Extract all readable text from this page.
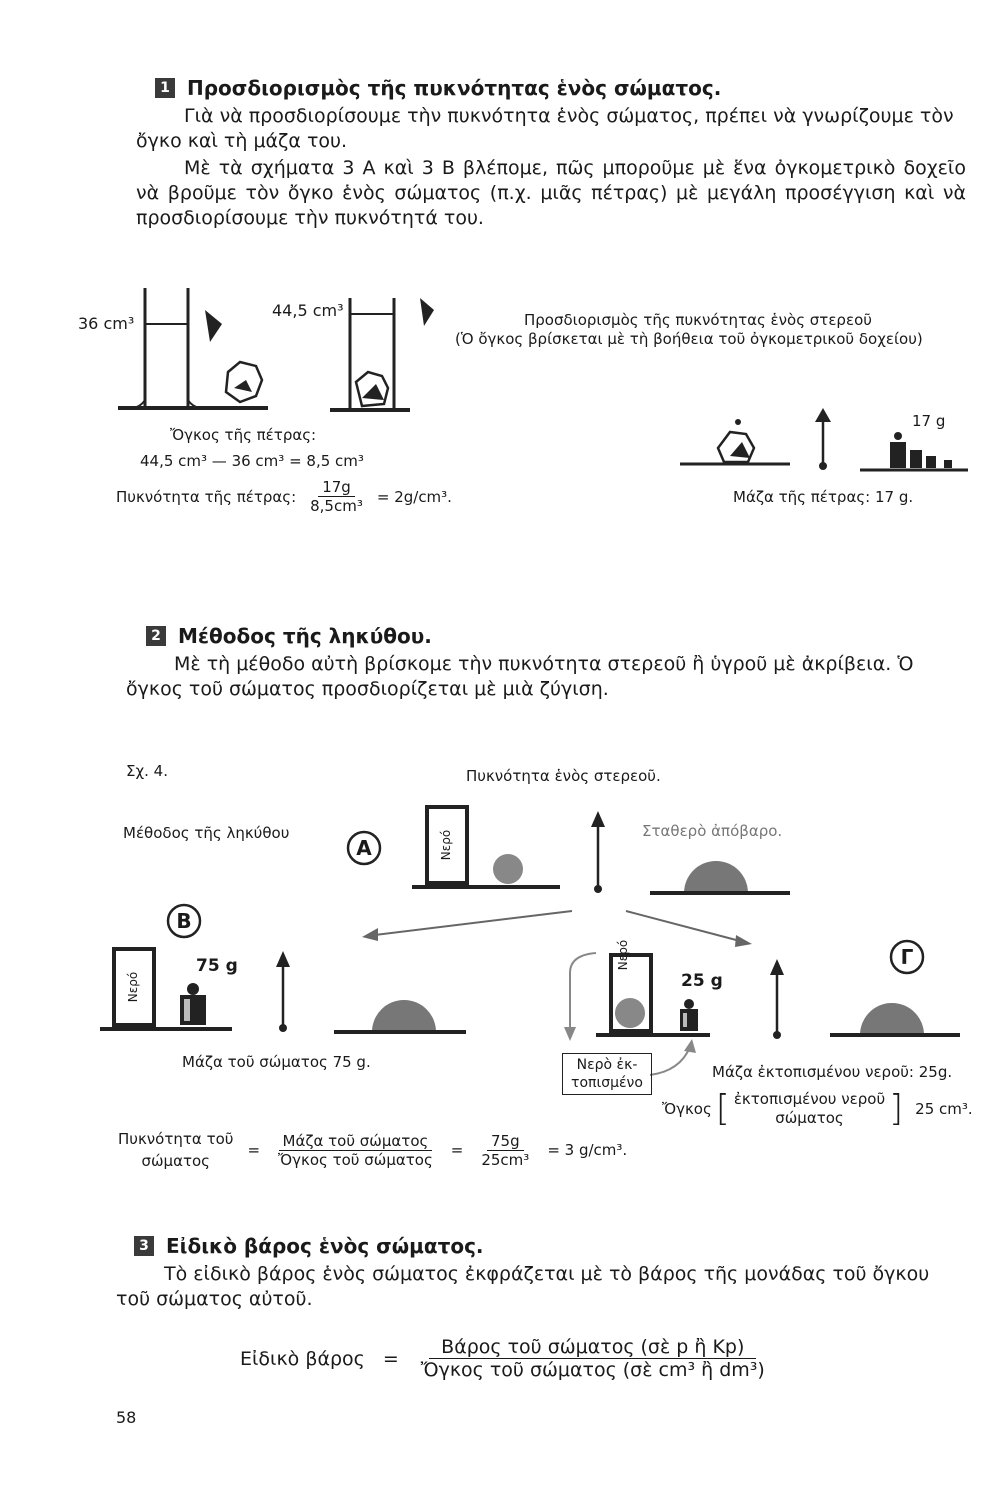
1 Προσδιορισμὸς τῆς πυκνότητας ἑνὸς σώματος.
Γιὰ νὰ προσδιορίσουμε τὴν πυκνότητα ἑνὸς σώματος, πρέπει νὰ γνωρίζουμε τὸν ὄγκο καὶ τὴ μάζα του.
Μὲ τὰ σχήματα 3 Α καὶ 3 Β βλέπομε, πῶς μποροῦμε μὲ ἕνα ὀγκομετρικὸ δοχεῖο νὰ βροῦμε τὸν ὄγκο ἑνὸς σώματος (π.χ. μιᾶς πέτρας) μὲ μεγάλη προσέγγιση καὶ νὰ προσδιορίσουμε τὴν πυκνότητά του.
36 cm³
44,5 cm³	Προσδιορισμὸς τῆς πυκνότητας ἑνὸς στερεοῦ
(Ὁ ὄγκος βρίσκεται μὲ τὴ βοήθεια τοῦ ὀγκομετρικοῦ δοχείου)
17 g
Ὄγκος τῆς πέτρας:
44,5 cm³ — 36 cm³ = 8,5 cm³
Πυκνότητα τῆς πέτρας: $\frac{17g}{\text{8,5cm³}} = 2g/cm^3$.	Μάζα τῆς πέτρας: 17 g.
2 Μέθοδος τῆς ληκύθου.
Μὲ τὴ μέθοδο αὐτὴ βρίσκομε τὴν πυκνότητα στερεοῦ ἢ ὑγροῦ μὲ ἀκρίβεια. Ὁ ὄγκος τοῦ σώματος προσδιορίζεται μὲ μιὰ ζύγιση.
Σχ. 4.	Πυκνότητα ἑνὸς στερεοῦ.
Μέθοδος τῆς ληκύθου	Σταθερὸ ἀπόβαρο.
Α	Νερό
Β
Νερό
Γ
Νερό
75 g
25 g
Νερὸ ἐκ-τοπισμένο
Μάζα τοῦ σώματος 75 g.
Μάζα ἐκτοπισμένου νεροῦ: 25g.
Ὄγκος [ ἐκτοπισμένου νεροῦ
σώματος ] 25 cm³.
Πυκνότητα τοῦ
σώματος
= $\frac{\text{Μάζα τοῦ σώματος}}{\text{Ὄγκος τοῦ σώματος}} = \frac{75g}{\text{25cm³}} = 3$ g/cm³.
3 Εἰδικὸ βάρος ἑνὸς σώματος.
Τὸ εἰδικὸ βάρος ἑνὸς σώματος ἐκφράζεται μὲ τὸ βάρος τῆς μονάδας τοῦ ὄγκου τοῦ σώματος αὐτοῦ.
Εἰδικὸ $\beta ά\rho o\varsigma = \frac{\text{Βάρος τοῦ σώματος (σὲ p ἢ Kp)}}{\text{Ὄγκος τοῦ σώματος (σὲ cm³ ἢ dm³)}}$
58
